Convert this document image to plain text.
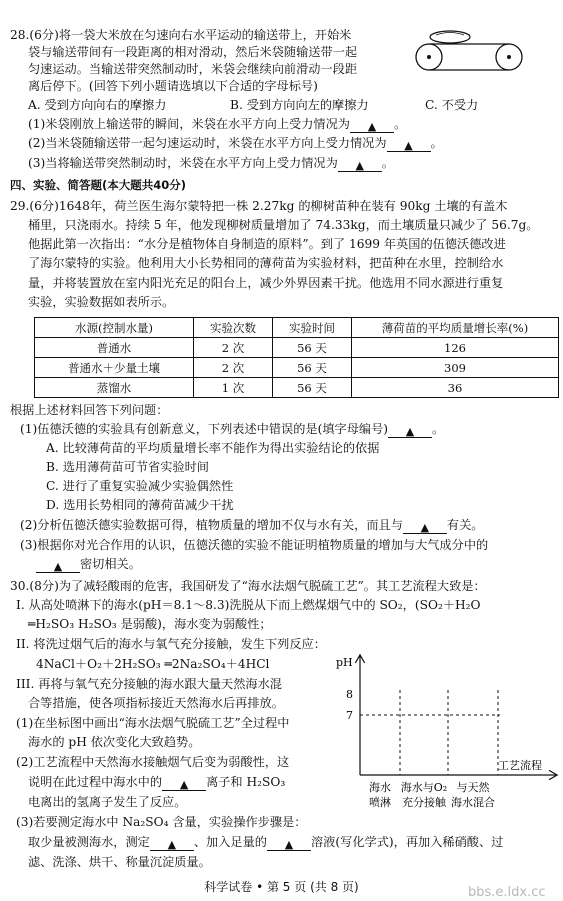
28.(6分)将一袋大米放在匀速向右水平运动的输送带上，开始米
袋与输送带间有一段距离的相对滑动，然后米袋随输送带一起
匀速运动。当输送带突然制动时，米袋会继续向前滑动一段距
离后停下。(回答下列小题请选填以下合适的字母标号)
A. 受到方向向右的摩擦力	B. 受到方向向左的摩擦力	C. 不受力
(1)米袋刚放上输送带的瞬间，米袋在水平方向上受力情况为 ▲ 。
(2)当米袋随输送带一起匀速运动时，米袋在水平方向上受力情况为 ▲ 。
(3)当将输送带突然制动时，米袋在水平方向上受力情况为 ▲ 。
四、实验、简答题(本大题共40分)
29.(6分)1648年，荷兰医生海尔蒙特把一株 2.27kg 的柳树苗种在装有 90kg 土壤的有盖木
桶里，只浇雨水。持续 5 年，他发现柳树质量增加了 74.33kg，而土壤质量只减少了 56.7g。
他据此第一次指出：“水分是植物体自身制造的原料”。到了 1699 年英国的伍德沃德改进
了海尔蒙特的实验。他利用大小长势相同的薄荷苗为实验材料，把苗种在水里，控制给水
量，并将装置放在室内阳光充足的阳台上，减少外界因素干扰。他选用不同水源进行重复
实验，实验数据如表所示。
水源(控制水量)	实验次数	实验时间	薄荷苗的平均质量增长率(%)
普通水	2 次	56 天	126
普通水＋少量土壤	2 次	56 天	309
蒸馏水	1 次	56 天	36
根据上述材料回答下列问题：
(1)伍德沃德的实验具有创新意义，下列表述中错误的是(填字母编号) ▲ 。
A. 比较薄荷苗的平均质量增长率不能作为得出实验结论的依据
B. 选用薄荷苗可节省实验时间
C. 进行了重复实验减少实验偶然性
D. 选用长势相同的薄荷苗减少干扰
(2)分析伍德沃德实验数据可得，植物质量的增加不仅与水有关，而且与 ▲ 有关。
(3)根据你对光合作用的认识，伍德沃德的实验不能证明植物质量的增加与大气成分中的
▲ 密切相关。
30.(8分)为了减轻酸雨的危害，我国研发了“海水法烟气脱硫工艺”。其工艺流程大致是：
I. 从高处喷淋下的海水(pH＝8.1～8.3)洗脱从下而上燃煤烟气中的 SO₂，(SO₂＋H₂O
═H₂SO₃ H₂SO₃ 是弱酸)，海水变为弱酸性；
II. 将洗过烟气后的海水与氧气充分接触，发生下列反应：
4NaCl＋O₂＋2H₂SO₃ ═2Na₂SO₄＋4HCl
III. 再将与氧气充分接触的海水跟大量天然海水混
合等措施，使各项指标接近天然海水后再排放。
(1)在坐标图中画出“海水法烟气脱硫工艺”全过程中
海水的 pH 依次变化大致趋势。
(2)工艺流程中天然海水接触烟气后变为弱酸性，这
说明在此过程中海水中的 ▲ 离子和 H₂SO₃
电离出的氢离子发生了反应。
(3)若要测定海水中 Na₂SO₄ 含量，实验操作步骤是：
取少量被测海水，测定 ▲ 、加入足量的 ▲ 溶液(写化学式)，再加入稀硝酸、过
滤、洗涤、烘干、称量沉淀质量。
pH
8
7
工艺流程
海水
喷淋
海水与O₂
充分接触
与天然
海水混合
科学试卷 • 第 5 页 (共 8 页)	bbs.e.ldx.cc
